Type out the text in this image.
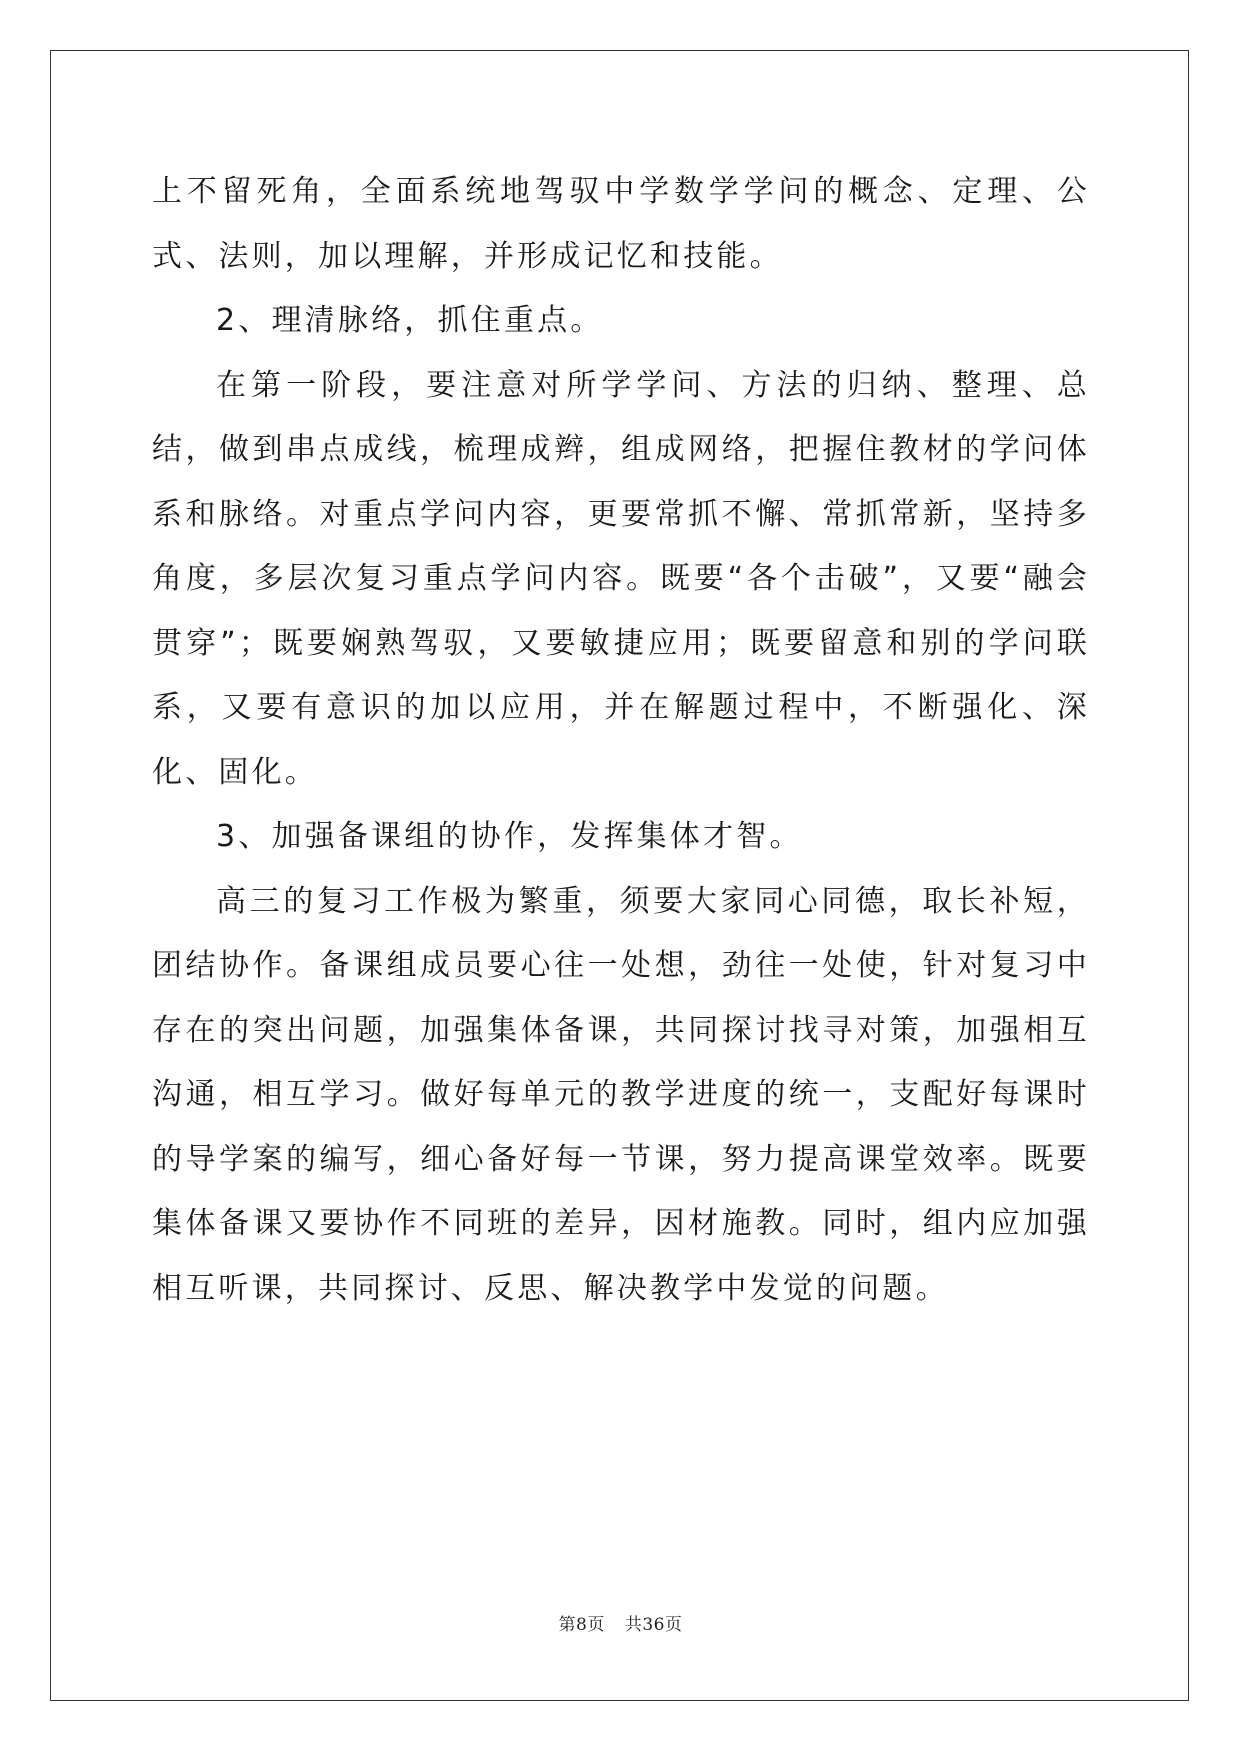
上不留死角，全面系统地驾驭中学数学学问的概念、定理、公式、法则，加以理解，并形成记忆和技能。

2、理清脉络，抓住重点。

在第一阶段，要注意对所学学问、方法的归纳、整理、总结，做到串点成线，梳理成辫，组成网络，把握住教材的学问体系和脉络。对重点学问内容，更要常抓不懈、常抓常新，坚持多角度，多层次复习重点学问内容。既要“各个击破”，又要“融会贯穿”；既要娴熟驾驭，又要敏捷应用；既要留意和别的学问联系，又要有意识的加以应用，并在解题过程中，不断强化、深化、固化。

3、加强备课组的协作，发挥集体才智。

高三的复习工作极为繁重，须要大家同心同德，取长补短，团结协作。备课组成员要心往一处想，劲往一处使，针对复习中存在的突出问题，加强集体备课，共同探讨找寻对策，加强相互沟通，相互学习。做好每单元的教学进度的统一，支配好每课时的导学案的编写，细心备好每一节课，努力提高课堂效率。既要集体备课又要协作不同班的差异，因材施教。同时，组内应加强相互听课，共同探讨、反思、解决教学中发觉的问题。

第8页 共36页
